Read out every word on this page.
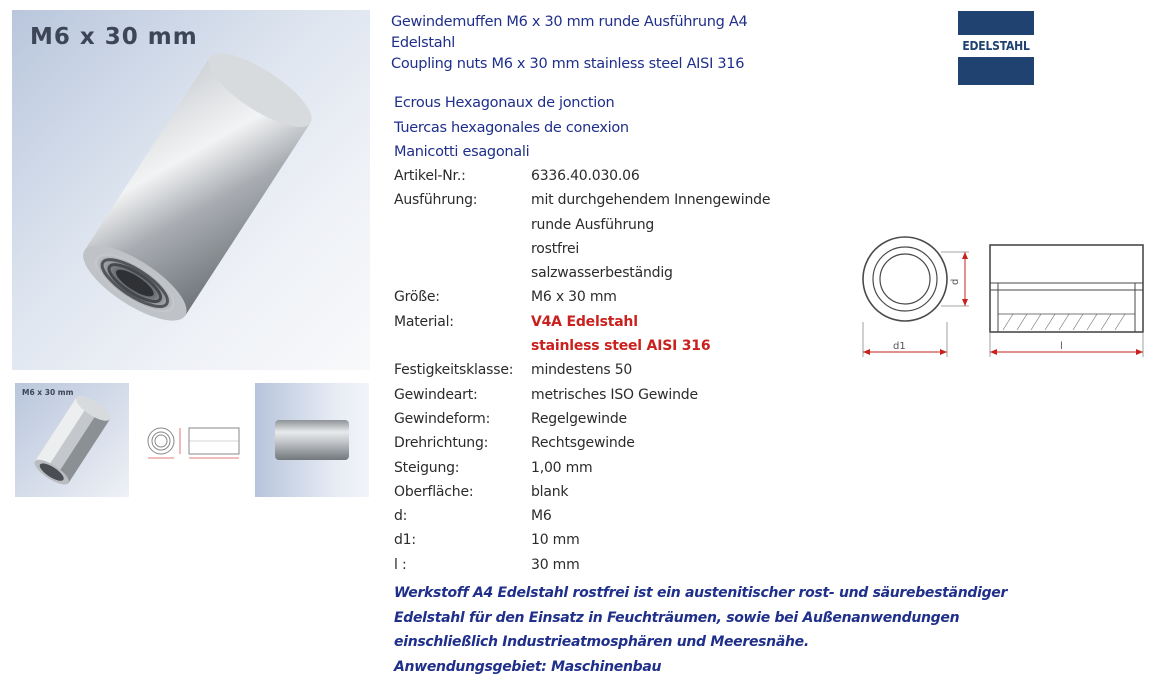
M6 x 30 mm
M6 x 30 mm
Gewindemuffen M6 x 30 mm runde Ausführung A4
Edelstahl
Coupling nuts M6 x 30 mm stainless steel AISI 316
Ecrous Hexagonaux de jonction
Tuercas hexagonales de conexion
Manicotti esagonali
EDELSTAHL
d
d1	l
Artikel-Nr.:	6336.40.030.06
Ausführung:	mit durchgehendem Innengewinde
runde Ausführung
rostfrei
salzwasserbeständig
Größe:	M6 x 30 mm
Material:	V4A Edelstahl
stainless steel AISI 316
Festigkeitsklasse:	mindestens 50
Gewindeart:	metrisches ISO Gewinde
Gewindeform:	Regelgewinde
Drehrichtung:	Rechtsgewinde
Steigung:	1,00 mm
Oberfläche:	blank
d:	M6
d1:	10 mm
l :	30 mm
Werkstoff A4 Edelstahl rostfrei ist ein austenitischer rost- und säurebeständiger
Edelstahl für den Einsatz in Feuchträumen, sowie bei Außenanwendungen
einschließlich Industrieatmosphären und Meeresnähe.
Anwendungsgebiet: Maschinenbau
